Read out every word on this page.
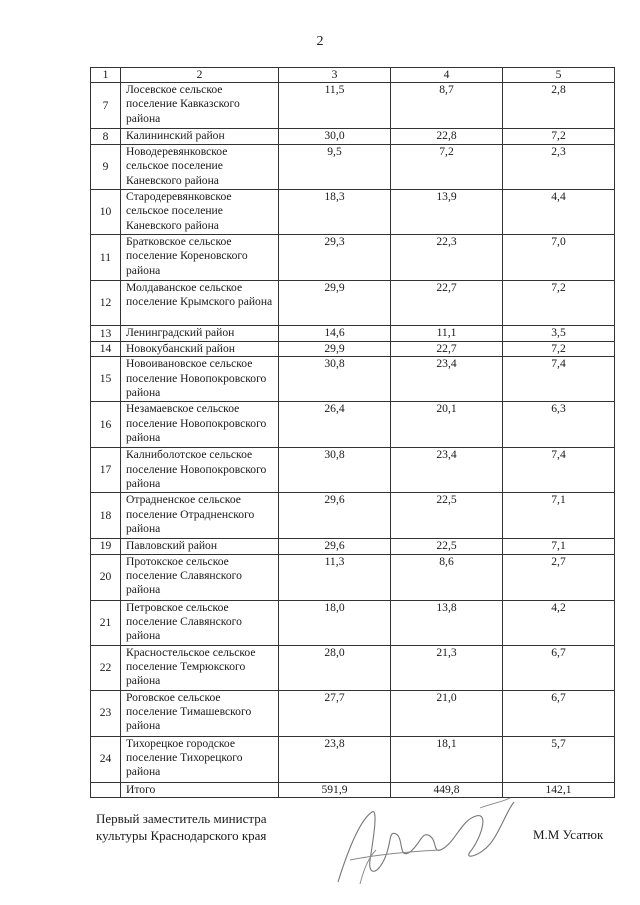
2
1	2	3	4	5
7	Лосевское сельское поселение Кавказского района	11,5	8,7	2,8
8	Калининский район	30,0	22,8	7,2
9	Новодеревянковское сельское поселение Каневского района	9,5	7,2	2,3
10	Стародеревянковское сельское поселение Каневского района	18,3	13,9	4,4
11	Братковское сельское поселение Кореновского района	29,3	22,3	7,0
12	Молдаванское сельское поселение Крымского района	29,9	22,7	7,2
13	Ленинградский район	14,6	11,1	3,5
14	Новокубанский район	29,9	22,7	7,2
15	Новоивановское сельское поселение Новопокровского района	30,8	23,4	7,4
16	Незамаевское сельское поселение Новопокровского района	26,4	20,1	6,3
17	Калниболотское сельское поселение Новопокровского района	30,8	23,4	7,4
18	Отрадненское сельское поселение Отрадненского района	29,6	22,5	7,1
19	Павловский район	29,6	22,5	7,1
20	Протокское сельское поселение Славянского района	11,3	8,6	2,7
21	Петровское сельское поселение Славянского района	18,0	13,8	4,2
22	Красностельское сельское поселение Темрюкского района	28,0	21,3	6,7
23	Роговское сельское поселение Тимашевского района	27,7	21,0	6,7
24	Тихорецкое городское поселение Тихорецкого района	23,8	18,1	5,7
	Итого	591,9	449,8	142,1
Первый заместитель министра
культуры Краснодарского края	М.М Усатюк
